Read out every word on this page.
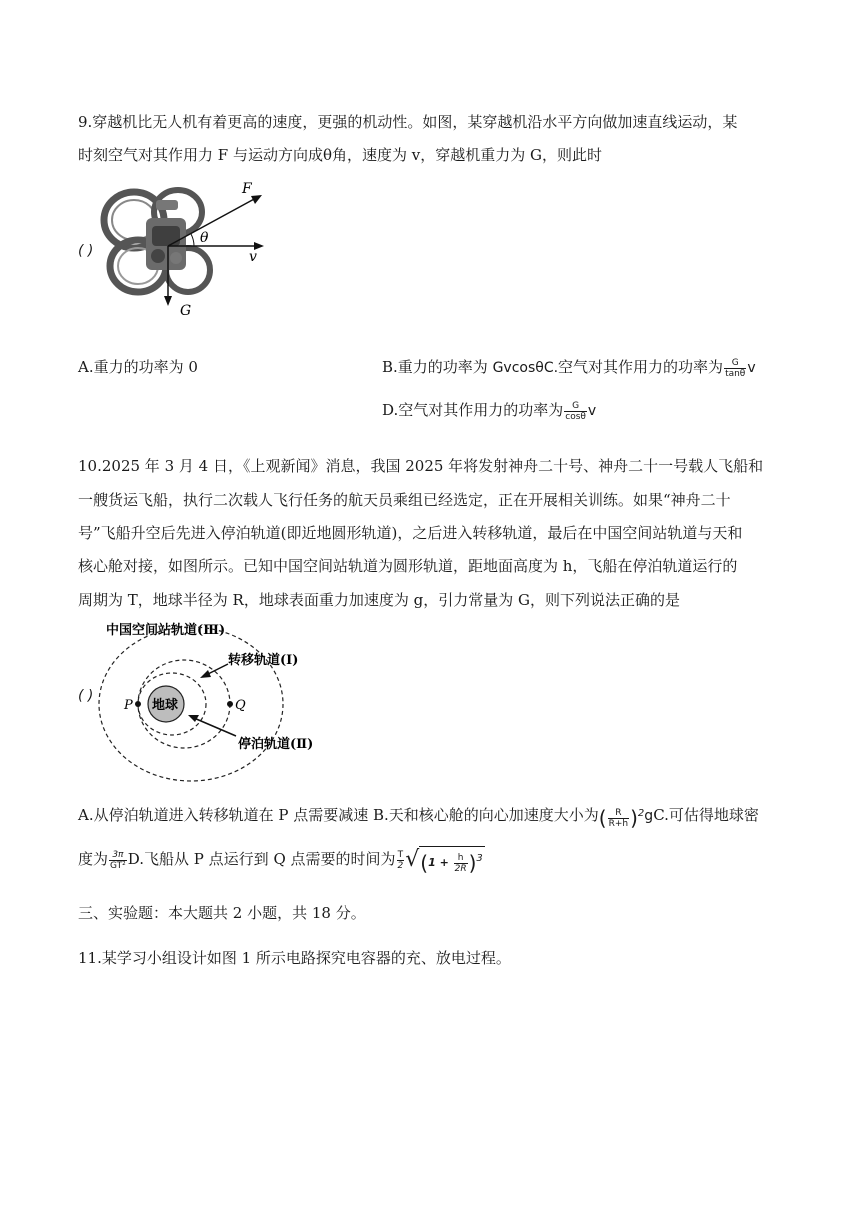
9.穿越机比无人机有着更高的速度，更强的机动性。如图，某穿越机沿水平方向做加速直线运动，某
时刻空气对其作用力 F 与运动方向成θ角，速度为 v，穿越机重力为 G，则此时
( )
F
θ
v
G
A.重力的功率为 0	B.重力的功率为 GvcosθC.空气对其作用力的功率为 $\frac{G}{\tan\theta}$ v
D.空气对其作用力的功率为 $\frac{G}{\cos\theta}$ v
10.2025 年 3 月 4 日，《上观新闻》消息，我国 2025 年将发射神舟二十号、神舟二十一号载人飞船和
一艘货运飞船，执行二次载人飞行任务的航天员乘组已经选定，正在开展相关训练。如果“神舟二十
号”飞船升空后先进入停泊轨道(即近地圆形轨道)，之后进入转移轨道，最后在中国空间站轨道与天和
核心舱对接，如图所示。已知中国空间站轨道为圆形轨道，距地面高度为 h，飞船在停泊轨道运行的
周期为 T，地球半径为 R，地球表面重力加速度为 g，引力常量为 G，则下列说法正确的是
( )
中国空间站轨道(Ⅲ)
地球
P	Q
转移轨道(Ⅰ)
停泊轨道(Ⅱ)
A.从停泊轨道进入转移轨道在 P 点需要减速 B.天和核心舱的向心加速度大小为( $\frac{R}{R+h} )^2gC$.可估得地球密
度为 $\frac{3\pi}{\text{GT²}} D$.飞船从 P 点运行到 Q 点需要的时间为 $\frac{T}{2} √(1 + \frac{h}{2R} )^3$
三、实验题：本大题共 2 小题，共 18 分。
11.某学习小组设计如图 1 所示电路探究电容器的充、放电过程。
